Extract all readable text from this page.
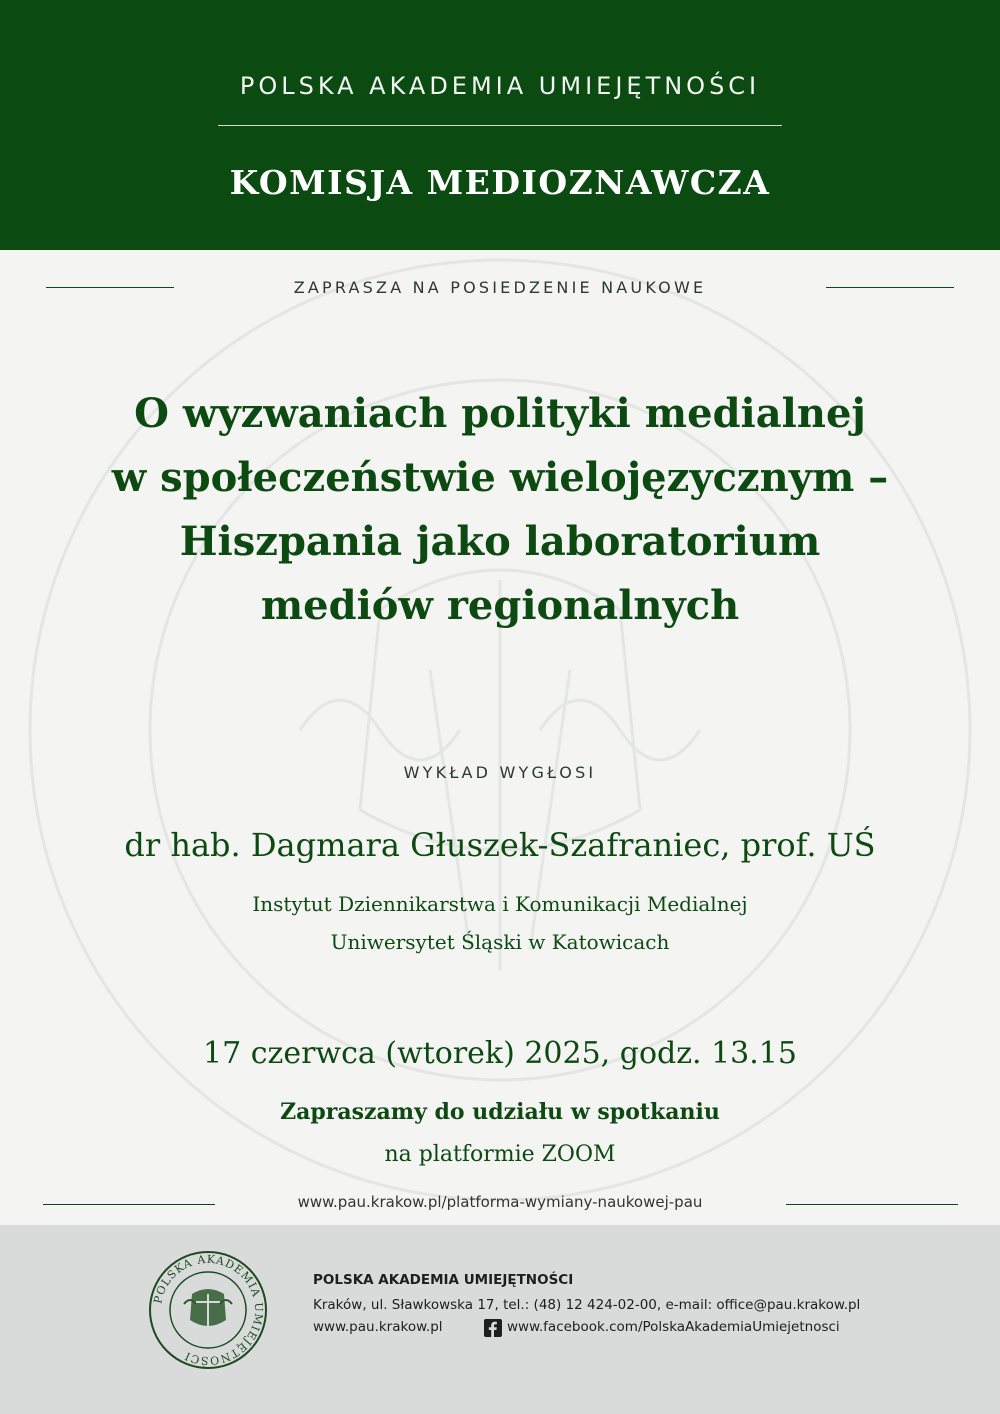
POLSKA AKADEMIA UMIEJĘTNOŚCI
KOMISJA MEDIOZNAWCZA
ZAPRASZA NA POSIEDZENIE NAUKOWE
O wyzwaniach polityki medialnej
w społeczeństwie wielojęzycznym –
Hiszpania jako laboratorium
mediów regionalnych
WYKŁAD WYGŁOSI
dr hab. Dagmara Głuszek-Szafraniec, prof. UŚ
Instytut Dziennikarstwa i Komunikacji Medialnej
Uniwersytet Śląski w Katowicach
17 czerwca (wtorek) 2025, godz. 13.15
Zapraszamy do udziału w spotkaniu
na platformie ZOOM
www.pau.krakow.pl/platforma-wymiany-naukowej-pau
POLSKA AKADEMIA UMIEJĘTNOŚCI
POLSKA AKADEMIA UMIEJĘTNOŚCI
Kraków, ul. Sławkowska 17, tel.: (48) 12 424-02-00, e-mail: office@pau.krakow.pl
www.pau.krakow.pl	www.facebook.com/PolskaAkademiaUmiejetnosci
